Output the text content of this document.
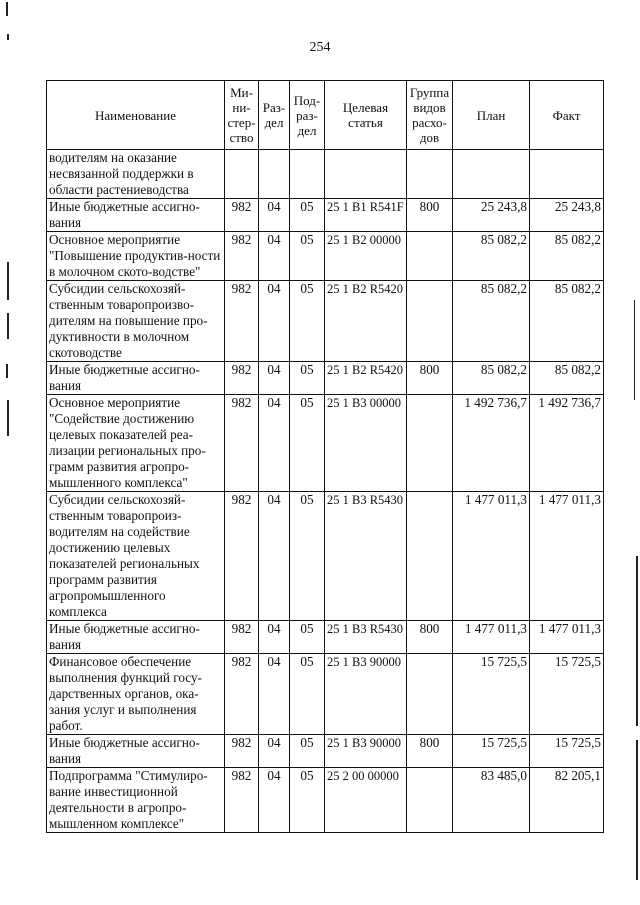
254
Наименование	Ми-
ни-
стер-
ство	Раз-
дел	Под-
раз-
дел	Целевая
статья	Группа
видов
расхо-
дов	План	Факт
водителям на оказание несвязанной поддержки в области растениеводства							
Иные бюджетные ассигно-вания	982	04	05	25 1 B1 R541F	800	25 243,8	25 243,8
Основное мероприятие "Повышение продуктив-ности в молочном ското-водстве"	982	04	05	25 1 B2 00000		85 082,2	85 082,2
Субсидии сельскохозяй-ственным товаропроизво-дителям на повышение про-дуктивности в молочном скотоводстве	982	04	05	25 1 B2 R5420		85 082,2	85 082,2
Иные бюджетные ассигно-вания	982	04	05	25 1 B2 R5420	800	85 082,2	85 082,2
Основное мероприятие "Содействие достижению целевых показателей реа-лизации региональных про-грамм развития агропро-мышленного комплекса"	982	04	05	25 1 B3 00000		1 492 736,7	1 492 736,7
Субсидии сельскохозяй-ственным товаропроиз-водителям на содействие достижению целевых показателей региональных программ развития агропромышленного комплекса	982	04	05	25 1 B3 R5430		1 477 011,3	1 477 011,3
Иные бюджетные ассигно-вания	982	04	05	25 1 B3 R5430	800	1 477 011,3	1 477 011,3
Финансовое обеспечение выполнения функций госу-дарственных органов, ока-зания услуг и выполнения работ.	982	04	05	25 1 B3 90000		15 725,5	15 725,5
Иные бюджетные ассигно-вания	982	04	05	25 1 B3 90000	800	15 725,5	15 725,5
Подпрограмма "Стимулиро-вание инвестиционной деятельности в агропро-мышленном комплексе"	982	04	05	25 2 00 00000		83 485,0	82 205,1
